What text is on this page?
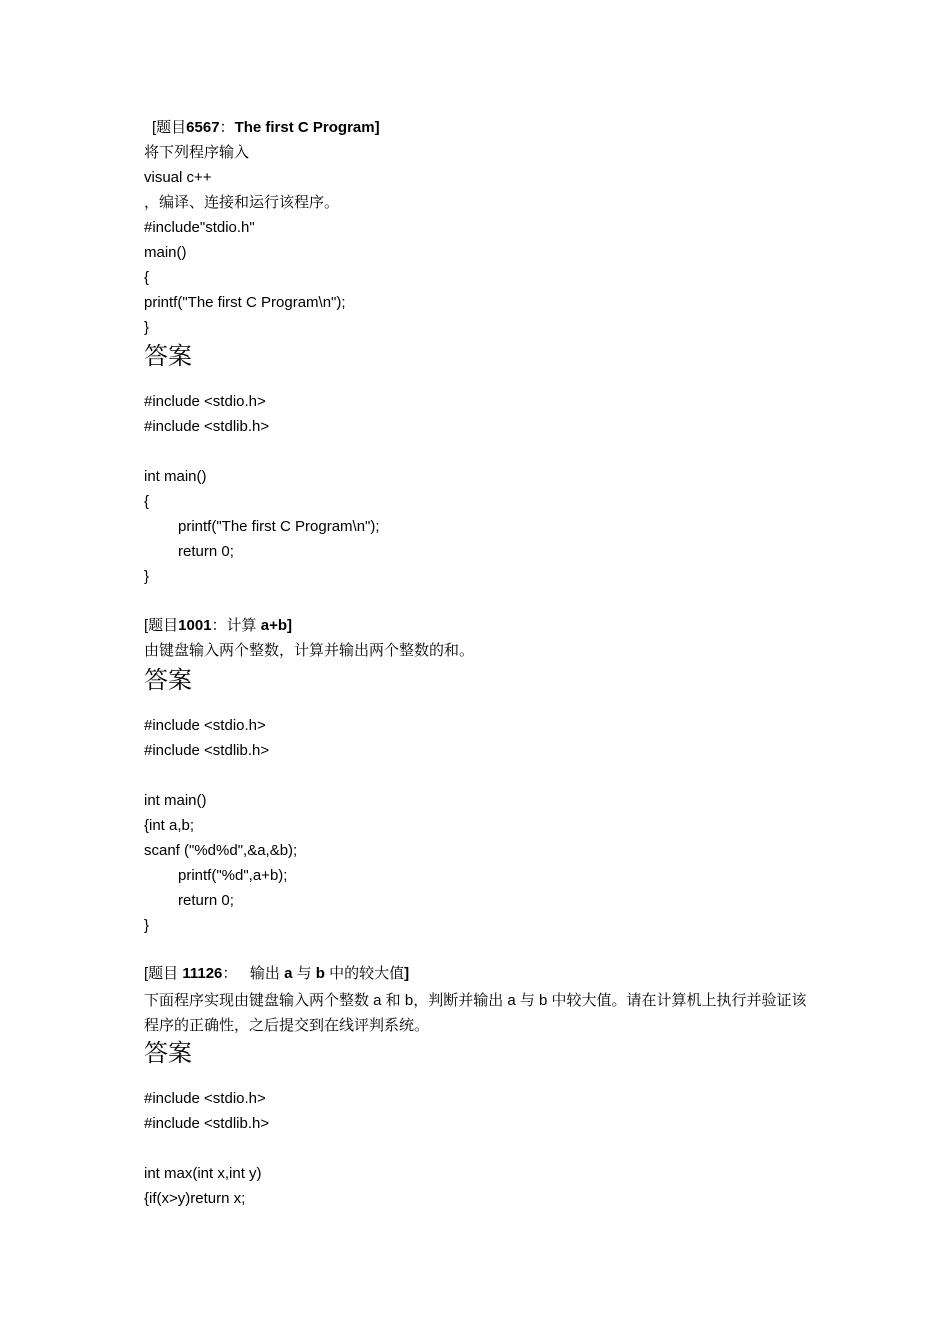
[题目6567：The first C Program]
将下列程序输入
visual c++
，编译、连接和运行该程序。
#include"stdio.h"
main()
{
printf("The first C Program\n");
}
答案
#include <stdio.h>
#include <stdlib.h>
int main()
{
printf("The first C Program\n");
return 0;
}
[题目1001：计算 a+b]
由键盘输入两个整数，计算并输出两个整数的和。
答案
#include <stdio.h>
#include <stdlib.h>
int main()
{int a,b;
scanf ("%d%d",&a,&b);
printf("%d",a+b);
return 0;
}
[题目 11126：   输出 a 与 b 中的较大值]
下面程序实现由键盘输入两个整数 a 和 b，判断并输出 a 与 b 中较大值。请在计算机上执行并验证该程序的正确性，之后提交到在线评判系统。
答案
#include <stdio.h>
#include <stdlib.h>
int max(int x,int y)
{if(x>y)return x;
